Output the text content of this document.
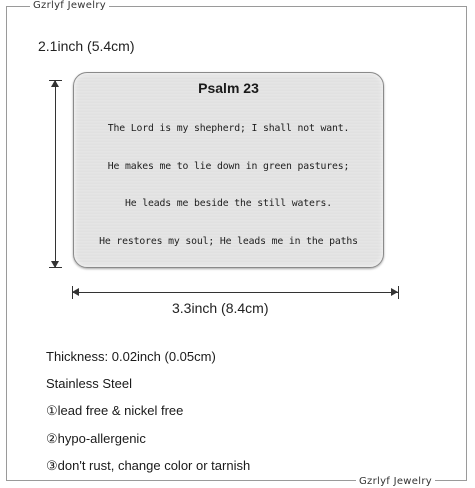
Gzrlyf Jewelry
Gzrlyf Jewelry
2.1inch (5.4cm)
Psalm 23

The Lord is my shepherd; I shall not want.

He makes me to lie down in green pastures;

He leads me beside the still waters.

He restores my soul; He leads me in the paths

3.3inch (8.4cm)
Thickness: 0.02inch (0.05cm)
Stainless Steel
①lead free & nickel free
②hypo-allergenic
③don't rust, change color or tarnish
